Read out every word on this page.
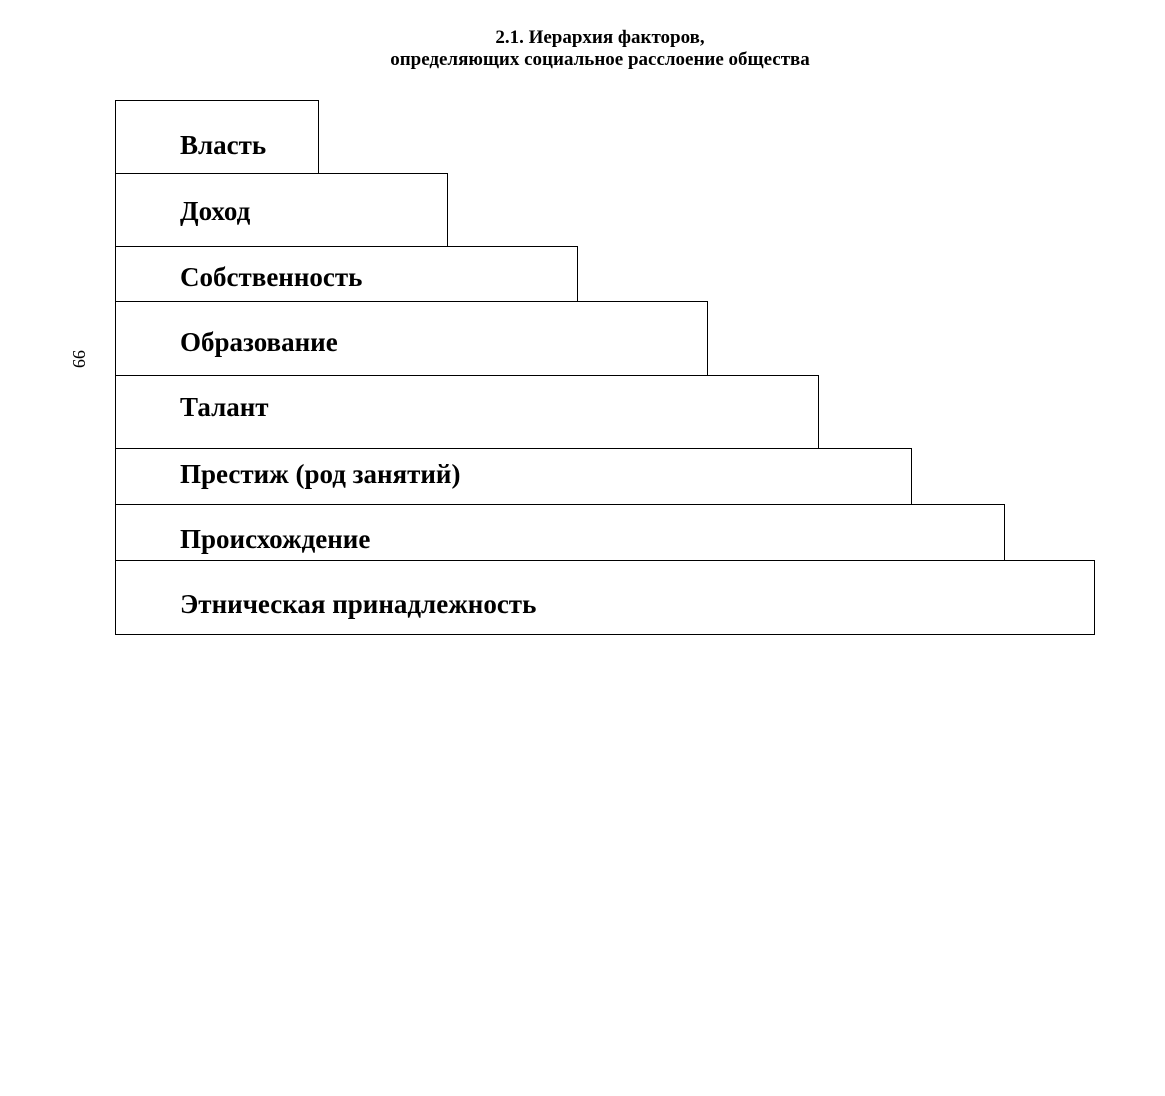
2.1. Иерархия факторов,
определяющих социальное расслоение общества
99
Власть
Доход
Собственность
Образование
Талант
Престиж (род занятий)
Происхождение
Этническая принадлежность
